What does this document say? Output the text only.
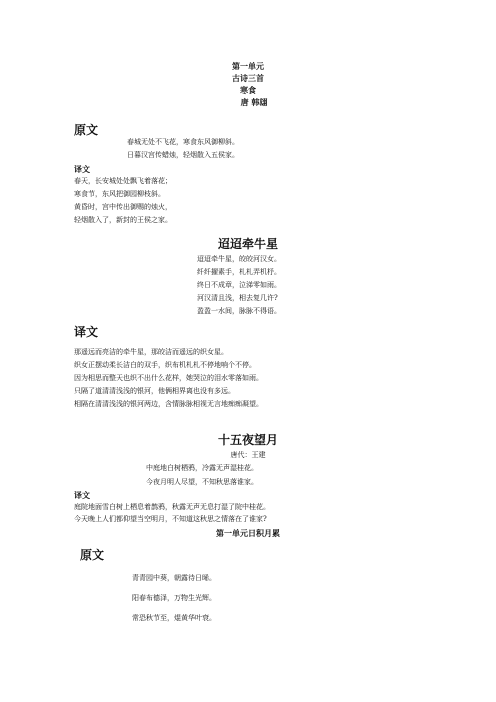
第一单元
古诗三首
寒食
唐 韩翃
原文
春城无处不飞花，寒食东风御柳斜。
日暮汉宫传蜡烛，轻烟散入五侯家。
译文
春天，长安城处处飘飞着落花；
寒食节，东风把御园柳枝斜。
黄昏时，宫中传出御赐的烛火，
轻烟散入了，新封的王侯之家。
迢迢牵牛星
迢迢牵牛星，皎皎河汉女。
纤纤擢素手，札札弄机杼。
终日不成章，泣涕零如雨。
河汉清且浅，相去复几许?
盈盈一水间，脉脉不得语。
译文
那遥远而亮洁的牵牛星，那皎洁而遥远的织女星。
织女正摆动柔长洁白的双手，织布机札札不停地响个不停。
因为相思而整天也织不出什么花样，她哭泣的泪水零落如雨。
只隔了道清清浅浅的银河，他俩相界离也没有多远。
相隔在清清浅浅的银河两边，含情脉脉相视无言地痴痴凝望。
十五夜望月
唐代：王建
中庭地白树栖鸦，冷露无声湿桂花。
今夜月明人尽望，不知秋思落谁家。
译文
庭院地面雪白树上栖息着鹊鸦，秋露无声无息打湿了院中桂花。
今天晚上人们都仰望当空明月，不知道这秋思之情落在了谁家?
第一单元日积月累
原文
青青园中葵，朝露待日晞。
阳春布德泽，万物生光辉。
常恐秋节至，焜黄华叶衰。
